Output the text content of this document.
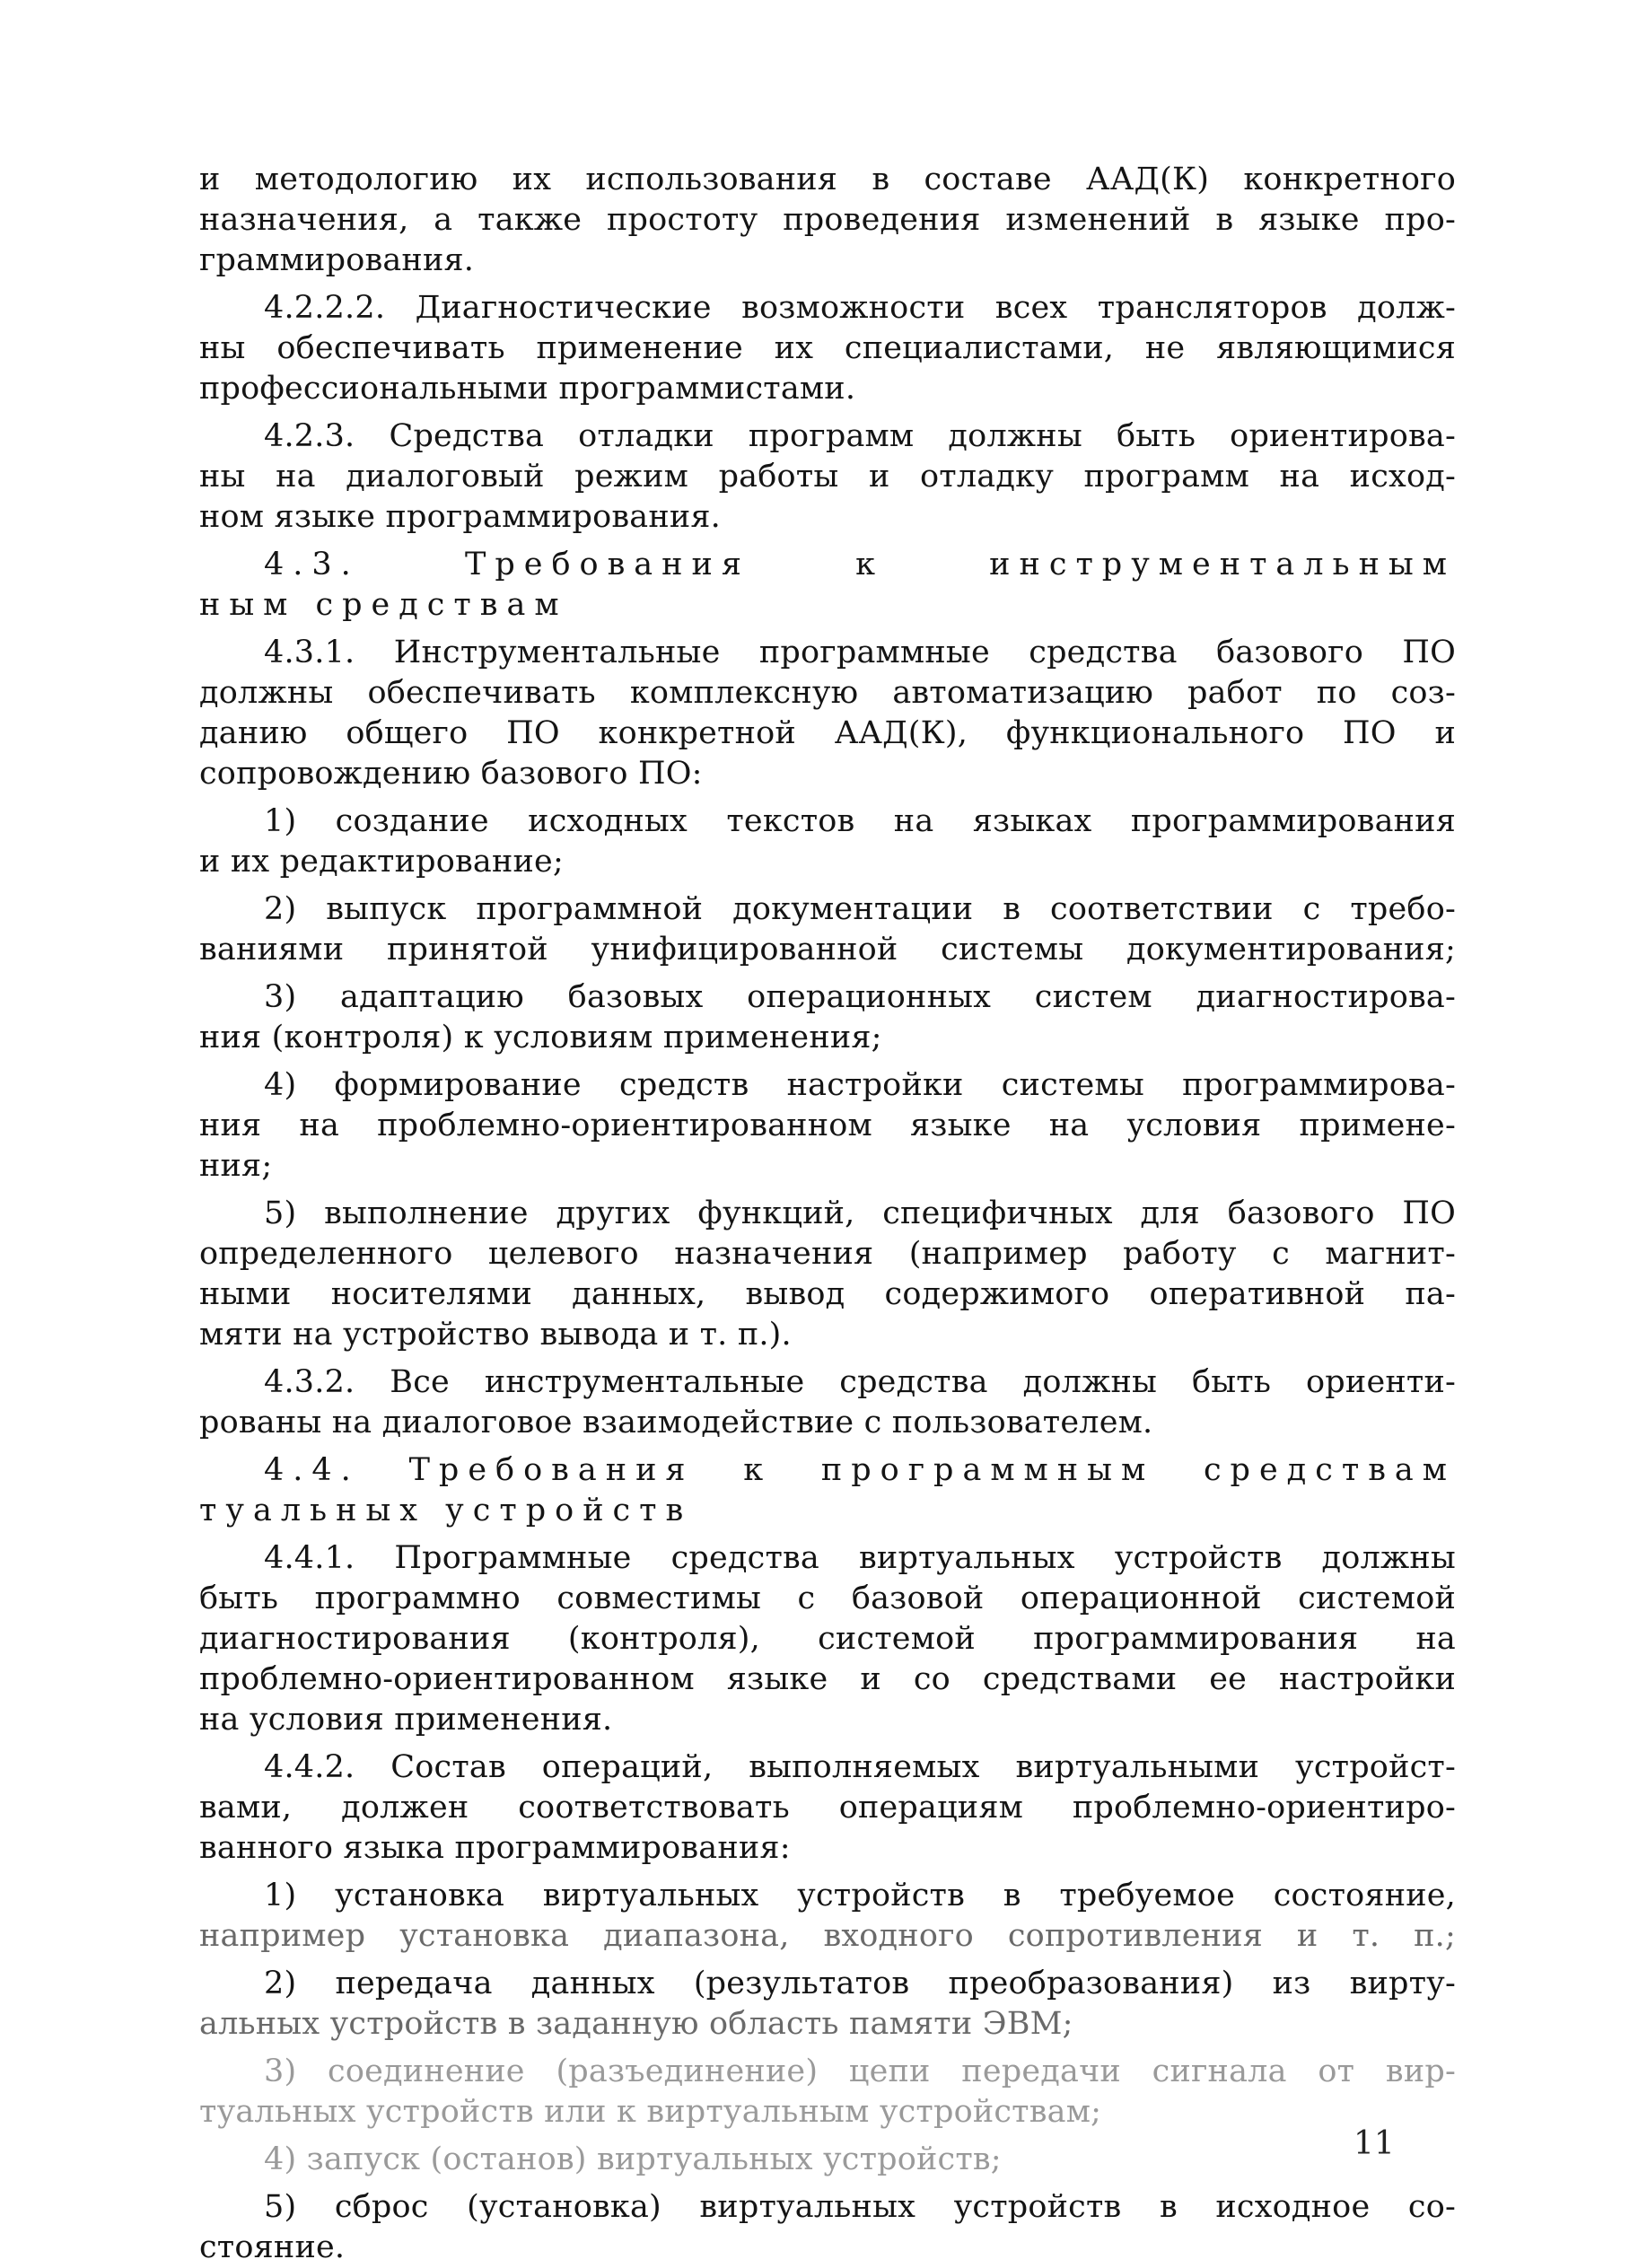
и методологию их использования в составе ААД(К) конкретного
назначения, а также простоту проведения изменений в языке про-
граммирования.
4.2.2.2. Диагностические возможности всех трансляторов долж-
ны обеспечивать применение их специалистами, не являющимися
профессиональными программистами.
4.2.3. Средства отладки программ должны быть ориентирова-
ны на диалоговый режим работы и отладку программ на исход-
ном языке программирования.
4.3. Требования к инструментальным
ным средствам
4.3.1. Инструментальные программные средства базового ПО
должны обеспечивать комплексную автоматизацию работ по соз-
данию общего ПО конкретной ААД(К), функционального ПО и
сопровождению базового ПО:
1) создание исходных текстов на языках программирования
и их редактирование;
2) выпуск программной документации в соответствии с требо-
ваниями принятой унифицированной системы документирования;
3) адаптацию базовых операционных систем диагностирова-
ния (контроля) к условиям применения;
4) формирование средств настройки системы программирова-
ния на проблемно-ориентированном языке на условия примене-
ния;
5) выполнение других функций, специфичных для базового ПО
определенного целевого назначения (например работу с магнит-
ными носителями данных, вывод содержимого оперативной па-
мяти на устройство вывода и т. п.).
4.3.2. Все инструментальные средства должны быть ориенти-
рованы на диалоговое взаимодействие с пользователем.
4.4. Требования к программным средствам
туальных устройств
4.4.1. Программные средства виртуальных устройств должны
быть программно совместимы с базовой операционной системой
диагностирования (контроля), системой программирования на
проблемно-ориентированном языке и со средствами ее настройки
на условия применения.
4.4.2. Состав операций, выполняемых виртуальными устройст-
вами, должен соответствовать операциям проблемно-ориентиро-
ванного языка программирования:
1) установка виртуальных устройств в требуемое состояние,
например установка диапазона, входного сопротивления и т. п.;
2) передача данных (результатов преобразования) из вирту-
альных устройств в заданную область памяти ЭВМ;
3) соединение (разъединение) цепи передачи сигнала от вир-
туальных устройств или к виртуальным устройствам;
4) запуск (останов) виртуальных устройств;
5) сброс (установка) виртуальных устройств в исходное со-
стояние.
11
